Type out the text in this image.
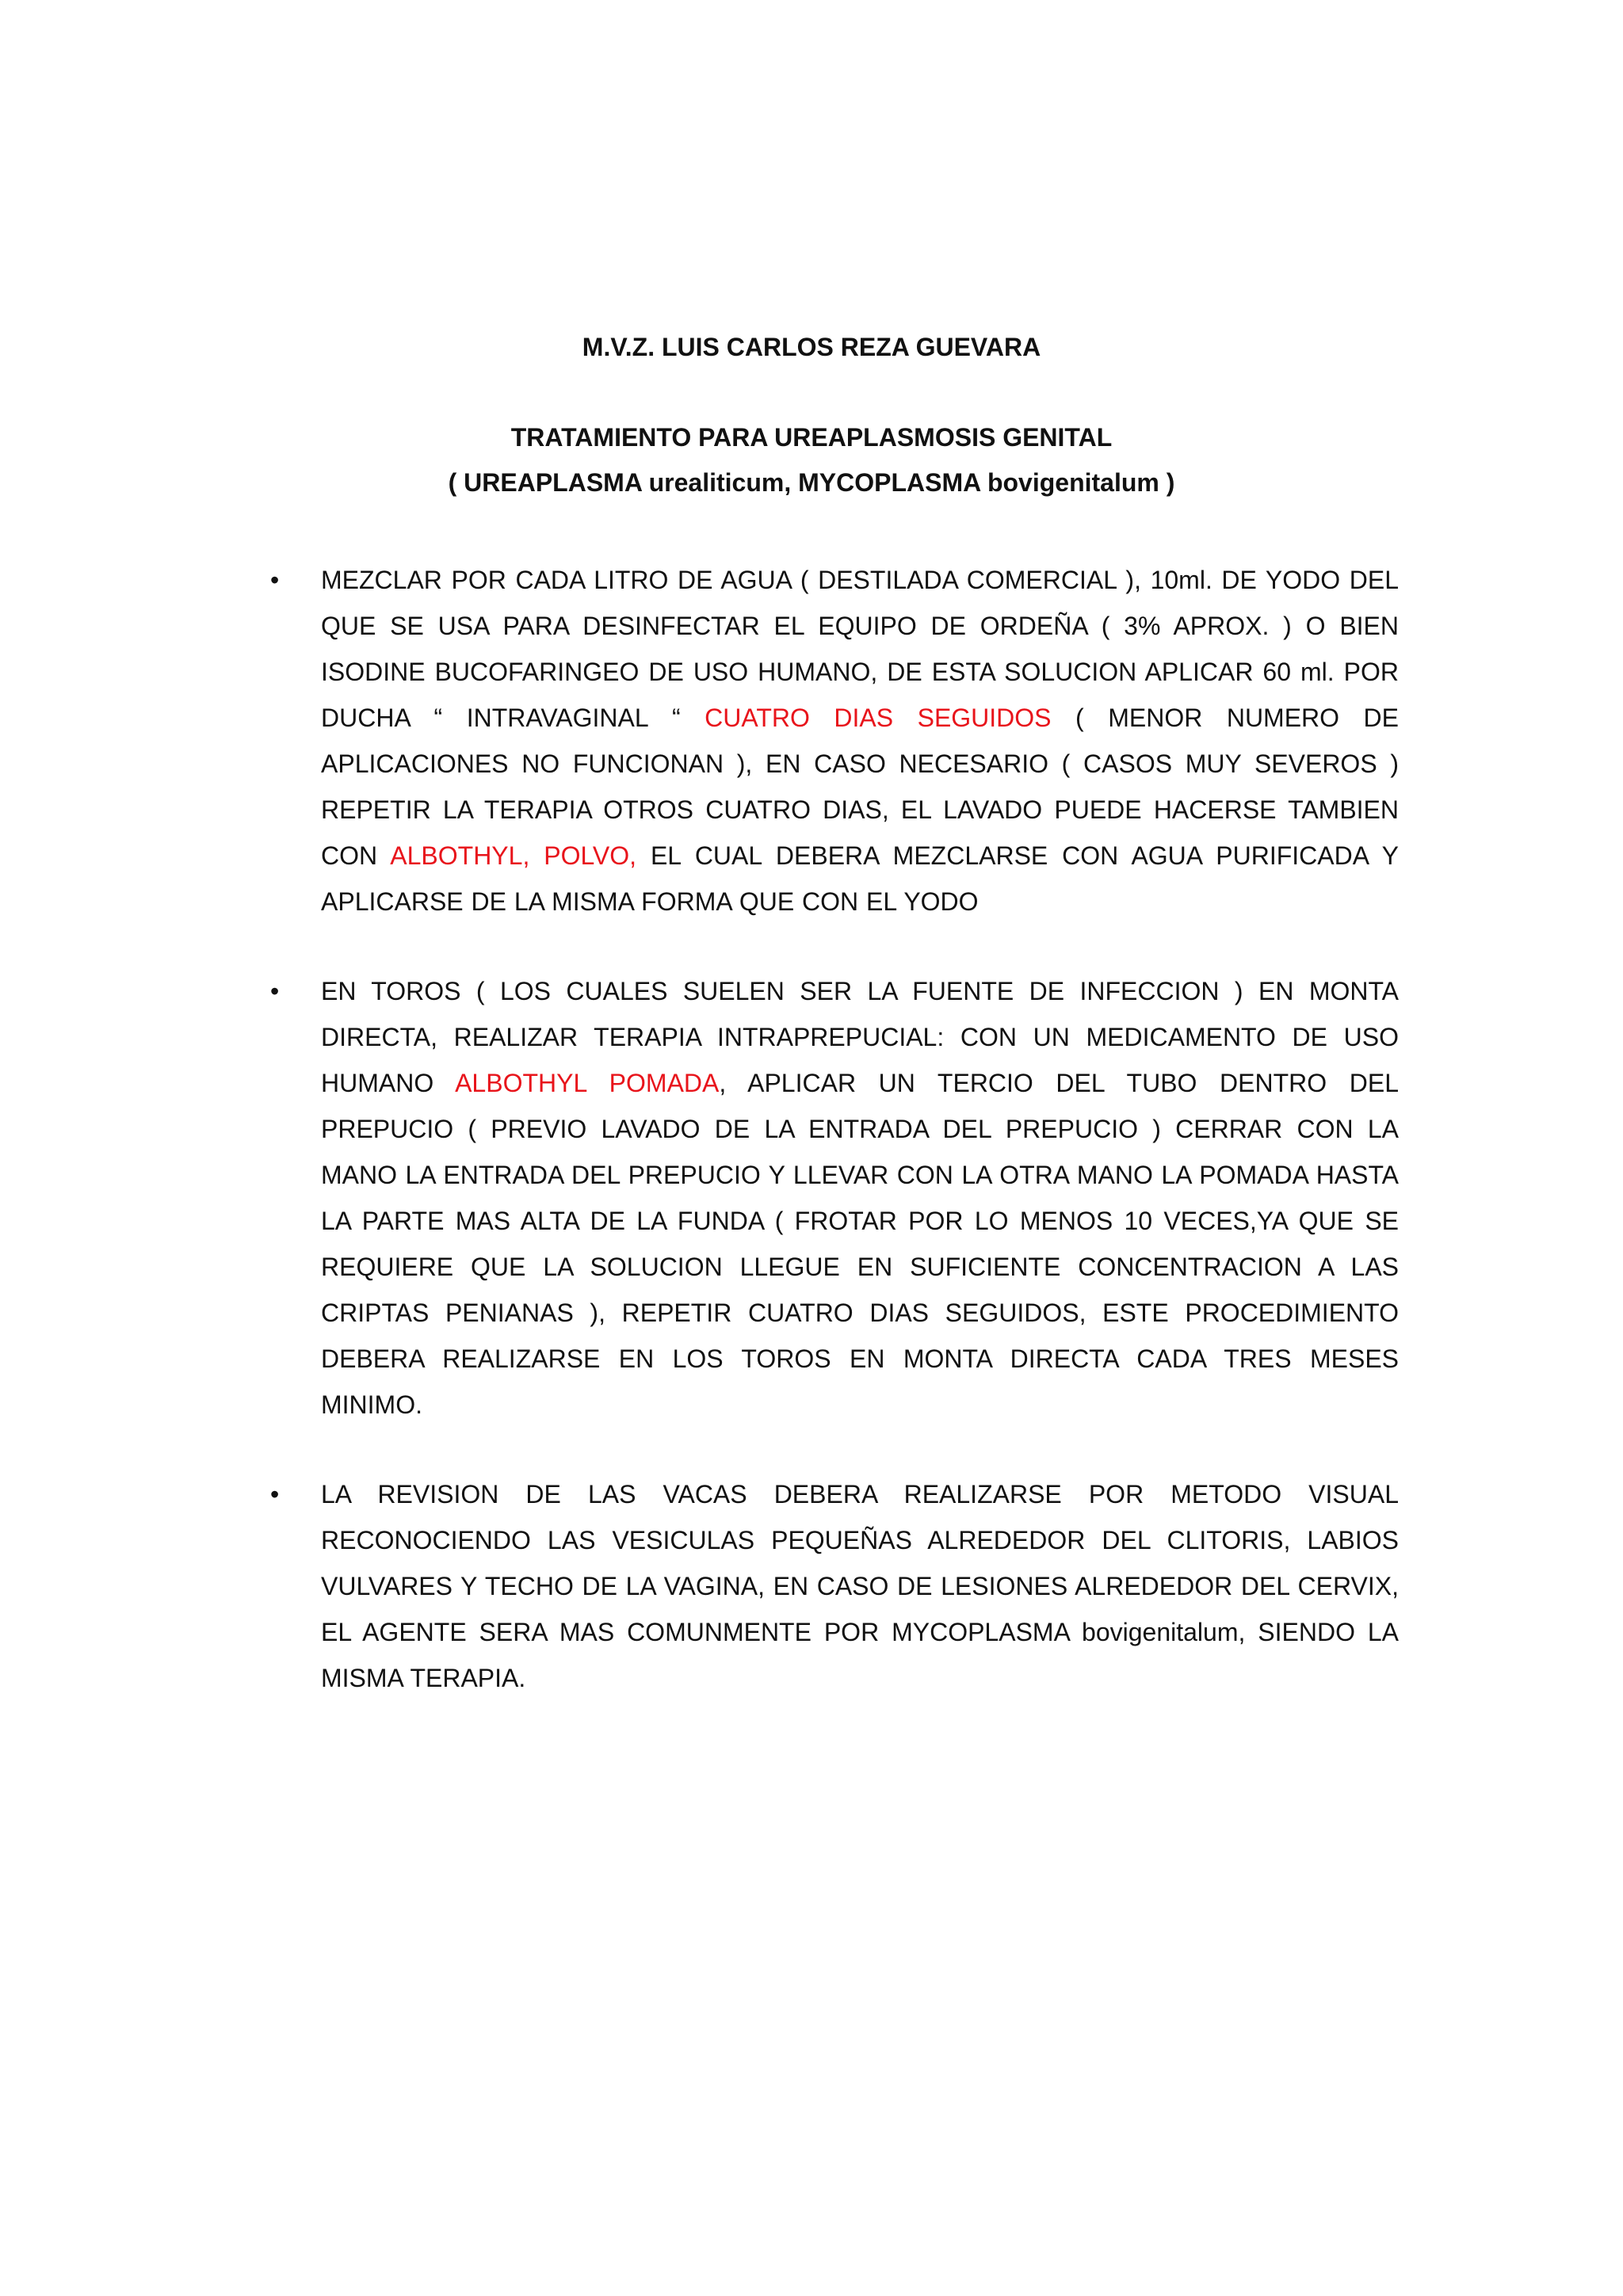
M.V.Z. LUIS CARLOS REZA GUEVARA
TRATAMIENTO PARA UREAPLASMOSIS GENITAL
( UREAPLASMA urealiticum, MYCOPLASMA bovigenitalum )
• MEZCLAR POR CADA LITRO DE AGUA ( DESTILADA COMERCIAL ), 10ml. DE YODO DEL QUE SE USA PARA DESINFECTAR EL EQUIPO DE ORDEÑA ( 3% APROX. ) O BIEN ISODINE BUCOFARINGEO DE USO HUMANO, DE ESTA SOLUCION APLICAR 60 ml. POR DUCHA “ INTRAVAGINAL “ CUATRO DIAS SEGUIDOS ( MENOR NUMERO DE APLICACIONES NO FUNCIONAN ), EN CASO NECESARIO ( CASOS MUY SEVEROS ) REPETIR LA TERAPIA OTROS CUATRO DIAS, EL LAVADO PUEDE HACERSE TAMBIEN CON ALBOTHYL, POLVO, EL CUAL DEBERA MEZCLARSE CON AGUA PURIFICADA Y APLICARSE DE LA MISMA FORMA QUE CON EL YODO

• EN TOROS ( LOS CUALES SUELEN SER LA FUENTE DE INFECCION ) EN MONTA DIRECTA, REALIZAR TERAPIA INTRAPREPUCIAL: CON UN MEDICAMENTO DE USO HUMANO ALBOTHYL POMADA, APLICAR UN TERCIO DEL TUBO DENTRO DEL PREPUCIO ( PREVIO LAVADO DE LA ENTRADA DEL PREPUCIO ) CERRAR CON LA MANO LA ENTRADA DEL PREPUCIO Y LLEVAR CON LA OTRA MANO LA POMADA HASTA LA PARTE MAS ALTA DE LA FUNDA ( FROTAR POR LO MENOS 10 VECES,YA QUE SE REQUIERE QUE LA SOLUCION LLEGUE EN SUFICIENTE CONCENTRACION A LAS CRIPTAS PENIANAS ), REPETIR CUATRO DIAS SEGUIDOS, ESTE PROCEDIMIENTO DEBERA REALIZARSE EN LOS TOROS EN MONTA DIRECTA CADA TRES MESES MINIMO.

• LA REVISION DE LAS VACAS DEBERA REALIZARSE POR METODO VISUAL RECONOCIENDO LAS VESICULAS PEQUEÑAS ALREDEDOR DEL CLITORIS, LABIOS VULVARES Y TECHO DE LA VAGINA, EN CASO DE LESIONES ALREDEDOR DEL CERVIX, EL AGENTE SERA MAS COMUNMENTE POR MYCOPLASMA bovigenitalum, SIENDO LA MISMA TERAPIA.
